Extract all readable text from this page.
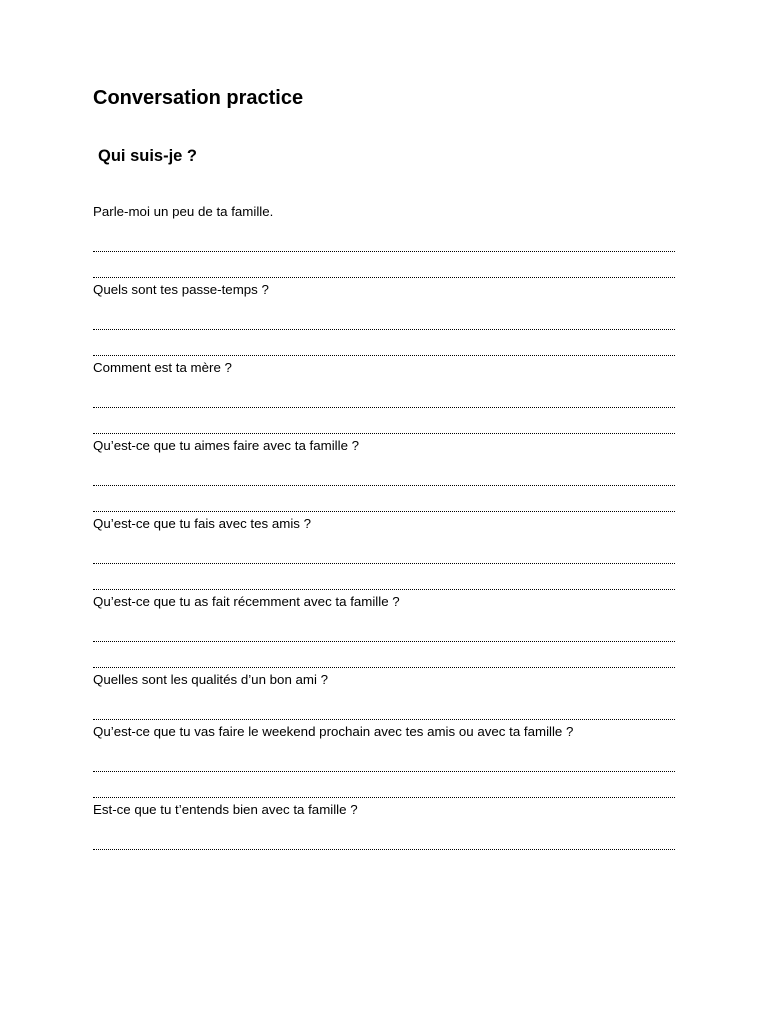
Conversation practice
Qui suis-je ?
Parle-moi un peu de ta famille.
Quels sont tes passe-temps ?
Comment est ta mère ?
Qu’est-ce que tu aimes faire avec ta famille ?
Qu’est-ce que tu fais avec tes amis ?
Qu’est-ce que tu as fait récemment avec ta famille ?
Quelles sont les qualités d’un bon ami ?
Qu’est-ce que tu vas faire le weekend prochain avec tes amis ou avec ta famille ?
Est-ce que tu t’entends bien avec ta famille ?
